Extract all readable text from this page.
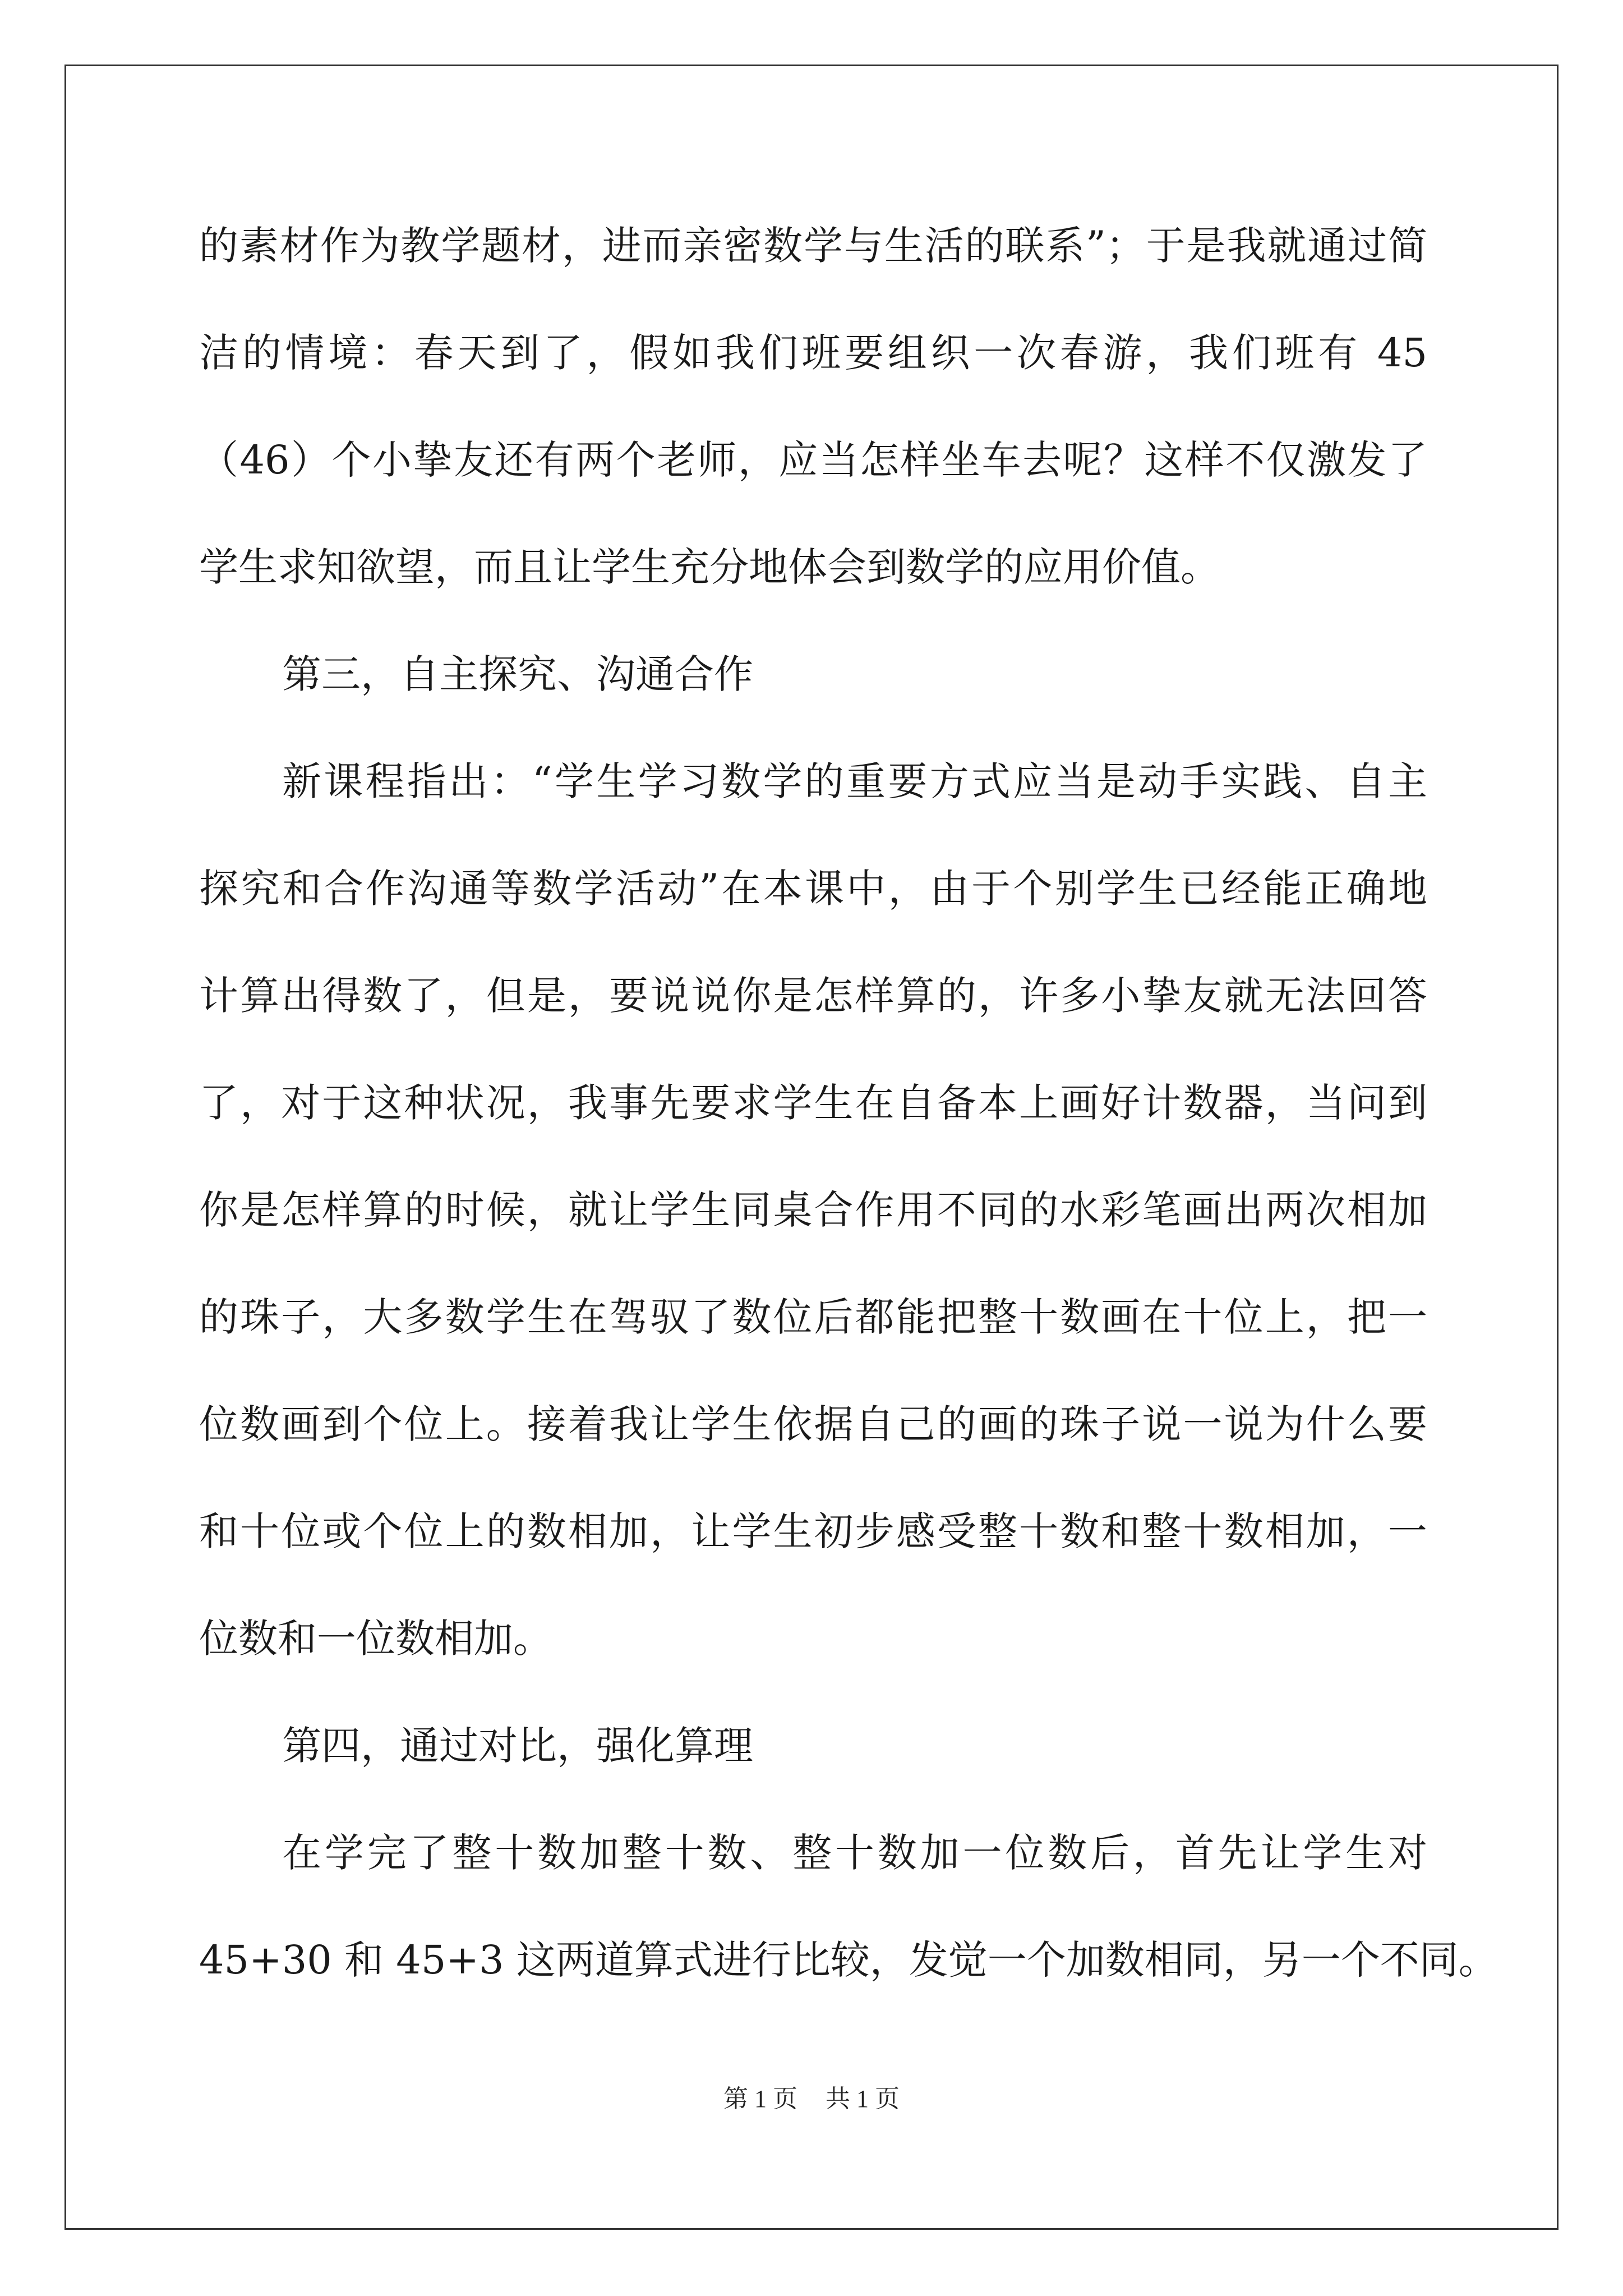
的素材作为教学题材，进而亲密数学与生活的联系”；于是我就通过简
洁的情境：春天到了，假如我们班要组织一次春游，我们班有 45
（46）个小挚友还有两个老师，应当怎样坐车去呢？这样不仅激发了
学生求知欲望，而且让学生充分地体会到数学的应用价值。
第三，自主探究、沟通合作
新课程指出：“学生学习数学的重要方式应当是动手实践、自主
探究和合作沟通等数学活动”在本课中，由于个别学生已经能正确地
计算出得数了，但是，要说说你是怎样算的，许多小挚友就无法回答
了，对于这种状况，我事先要求学生在自备本上画好计数器，当问到
你是怎样算的时候，就让学生同桌合作用不同的水彩笔画出两次相加
的珠子，大多数学生在驾驭了数位后都能把整十数画在十位上，把一
位数画到个位上。接着我让学生依据自己的画的珠子说一说为什么要
和十位或个位上的数相加，让学生初步感受整十数和整十数相加，一
位数和一位数相加。
第四，通过对比，强化算理
在学完了整十数加整十数、整十数加一位数后，首先让学生对
45+30 和 45+3 这两道算式进行比较，发觉一个加数相同，另一个不同。
第 1 页 共 1 页
